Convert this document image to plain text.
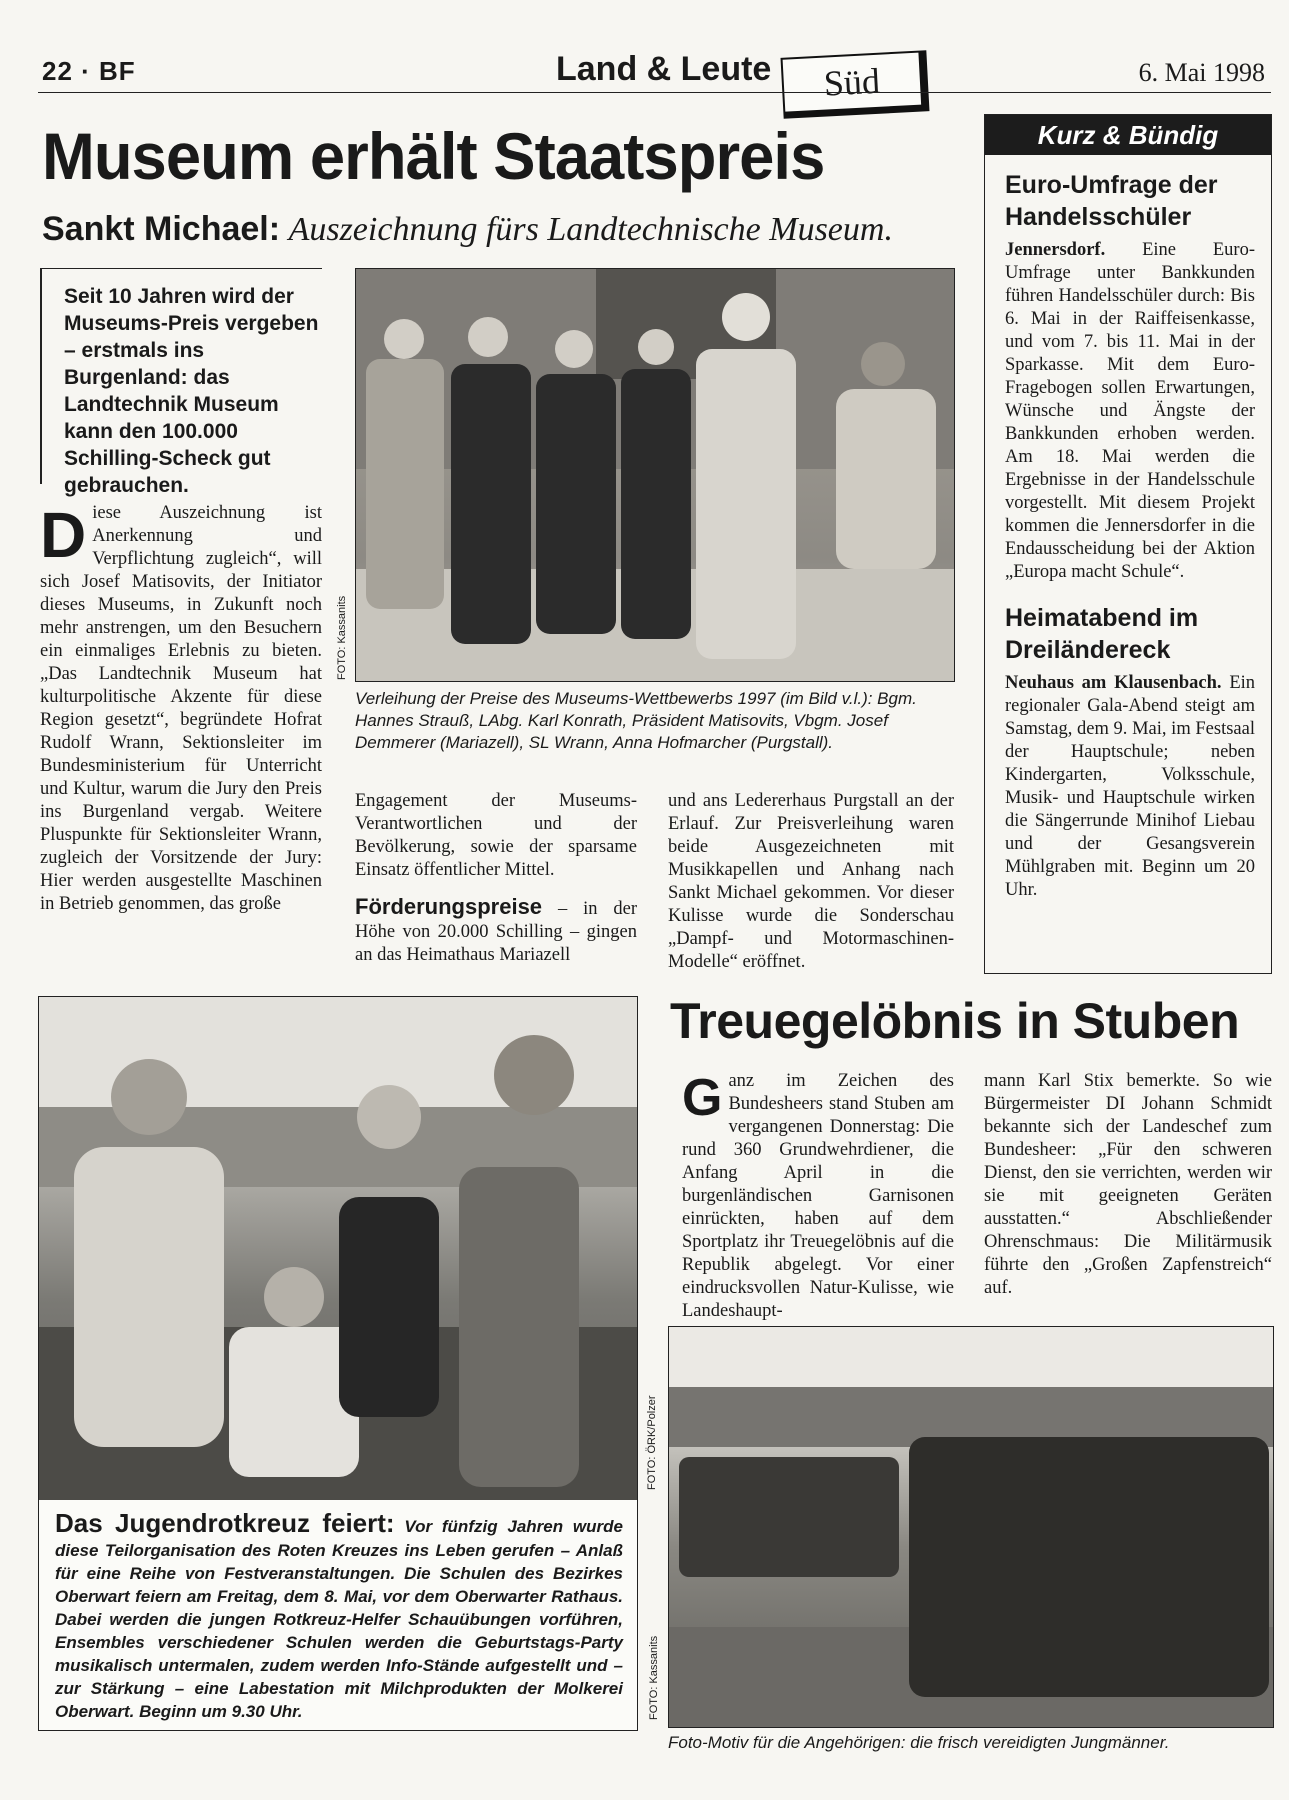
22 · BF	Land & Leute	Süd	6. Mai 1998
Museum erhält Staatspreis
Sankt Michael: Auszeichnung fürs Landtechnische Museum.
Seit 10 Jahren wird der Museums-Preis vergeben – erstmals ins Burgenland: das Landtechnik Museum kann den 100.000 Schilling-Scheck gut gebrauchen.
Diese Auszeichnung ist Anerkennung und Verpflichtung zugleich“, will sich Josef Matisovits, der Initiator dieses Museums, in Zukunft noch mehr anstrengen, um den Besuchern ein einmaliges Erlebnis zu bieten. „Das Landtechnik Museum hat kulturpolitische Akzente für diese Region gesetzt“, begründete Hofrat Rudolf Wrann, Sektionsleiter im Bundesministerium für Unterricht und Kultur, warum die Jury den Preis ins Burgenland vergab. Weitere Pluspunkte für Sektionsleiter Wrann, zugleich der Vorsitzende der Jury: Hier werden ausgestellte Maschinen in Betrieb genommen, das große
FOTO: Kassanits
Verleihung der Preise des Museums-Wettbewerbs 1997 (im Bild v.l.): Bgm. Hannes Strauß, LAbg. Karl Konrath, Präsident Matisovits, Vbgm. Josef Demmerer (Mariazell), SL Wrann, Anna Hofmarcher (Purgstall).
Engagement der Museums-Verantwortlichen und der Bevölkerung, sowie der sparsame Einsatz öffentlicher Mittel.
Förderungspreise – in der Höhe von 20.000 Schilling – gingen an das Heimathaus Mariazell
und ans Ledererhaus Purgstall an der Erlauf. Zur Preisverleihung waren beide Ausgezeichneten mit Musikkapellen und Anhang nach Sankt Michael gekommen. Vor dieser Kulisse wurde die Sonderschau „Dampf- und Motormaschinen-Modelle“ eröffnet.
Kurz & Bündig
Euro-Umfrage der Handelsschüler
Jennersdorf. Eine Euro-Umfrage unter Bankkunden führen Handelsschüler durch: Bis 6. Mai in der Raiffeisenkasse, und vom 7. bis 11. Mai in der Sparkasse. Mit dem Euro-Fragebogen sollen Erwartungen, Wünsche und Ängste der Bankkunden erhoben werden. Am 18. Mai werden die Ergebnisse in der Handelsschule vorgestellt. Mit diesem Projekt kommen die Jennersdorfer in die Endausscheidung bei der Aktion „Europa macht Schule“.
Heimatabend im Dreiländereck
Neuhaus am Klausenbach. Ein regionaler Gala-Abend steigt am Samstag, dem 9. Mai, im Festsaal der Hauptschule; neben Kindergarten, Volksschule, Musik- und Hauptschule wirken die Sängerrunde Minihof Liebau und der Gesangsverein Mühlgraben mit. Beginn um 20 Uhr.
FOTO: ÖRK/Polzer
Das Jugendrotkreuz feiert: Vor fünfzig Jahren wurde diese Teilorganisation des Roten Kreuzes ins Leben gerufen – Anlaß für eine Reihe von Festveranstaltungen. Die Schulen des Bezirkes Oberwart feiern am Freitag, dem 8. Mai, vor dem Oberwarter Rathaus. Dabei werden die jungen Rotkreuz-Helfer Schauübungen vorführen, Ensembles verschiedener Schulen werden die Geburtstags-Party musikalisch untermalen, zudem werden Info-Stände aufgestellt und – zur Stärkung – eine Labestation mit Milchprodukten der Molkerei Oberwart. Beginn um 9.30 Uhr.
Treuegelöbnis in Stuben
Ganz im Zeichen des Bundesheers stand Stuben am vergangenen Donnerstag: Die rund 360 Grundwehrdiener, die Anfang April in die burgenländischen Garnisonen einrückten, haben auf dem Sportplatz ihr Treuegelöbnis auf die Republik abgelegt. Vor einer eindrucksvollen Natur-Kulisse, wie Landeshaupt-
mann Karl Stix bemerkte. So wie Bürgermeister DI Johann Schmidt bekannte sich der Landeschef zum Bundesheer: „Für den schweren Dienst, den sie verrichten, werden wir sie mit geeigneten Geräten ausstatten.“ Abschließender Ohrenschmaus: Die Militärmusik führte den „Großen Zapfenstreich“ auf.
FOTO: Kassanits
Foto-Motiv für die Angehörigen: die frisch vereidigten Jungmänner.
